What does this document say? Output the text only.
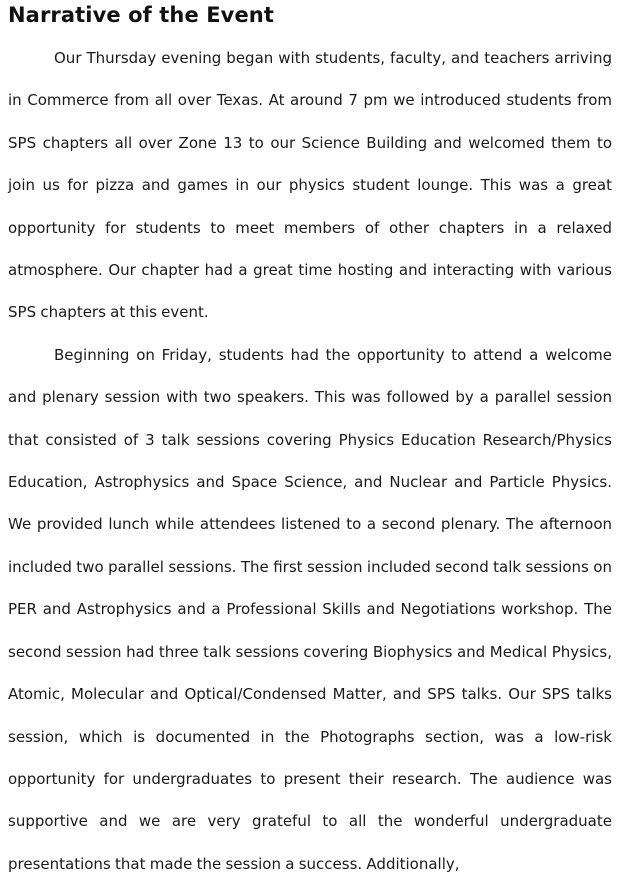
Narrative of the Event

Our Thursday evening began with students, faculty, and teachers arriving in Commerce from all over Texas. At around 7 pm we introduced students from SPS chapters all over Zone 13 to our Science Building and welcomed them to join us for pizza and games in our physics student lounge. This was a great opportunity for students to meet members of other chapters in a relaxed atmosphere. Our chapter had a great time hosting and interacting with various SPS chapters at this event.

Beginning on Friday, students had the opportunity to attend a welcome and plenary session with two speakers. This was followed by a parallel session that consisted of 3 talk sessions covering Physics Education Research/Physics Education, Astrophysics and Space Science, and Nuclear and Particle Physics. We provided lunch while attendees listened to a second plenary. The afternoon included two parallel sessions. The first session included second talk sessions on PER and Astrophysics and a Professional Skills and Negotiations workshop. The second session had three talk sessions covering Biophysics and Medical Physics, Atomic, Molecular and Optical/Condensed Matter, and SPS talks. Our SPS talks session, which is documented in the Photographs section, was a low-risk opportunity for undergraduates to present their research. The audience was supportive and we are very grateful to all the wonderful undergraduate presentations that made the session a success. Additionally,
